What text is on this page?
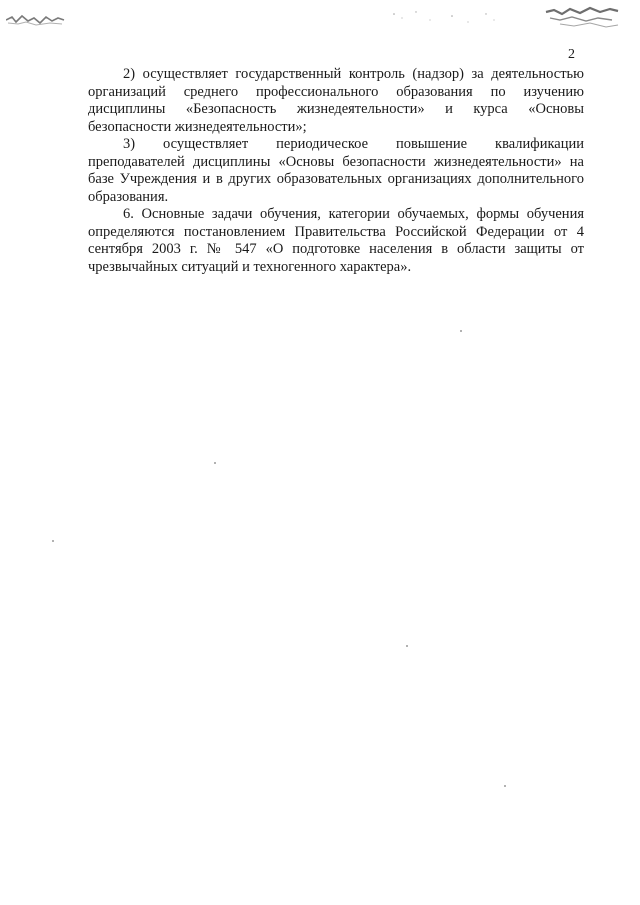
2

2) осуществляет государственный контроль (надзор) за деятельностью организаций среднего профессионального образования по изучению дисциплины «Безопасность жизнедеятельности» и курса «Основы безопасности жизнедеятельности»;

3) осуществляет периодическое повышение квалификации преподавателей дисциплины «Основы безопасности жизнедеятельности» на базе Учреждения и в других образовательных организациях дополнительного образования.

6. Основные задачи обучения, категории обучаемых, формы обучения определяются постановлением Правительства Российской Федерации от 4 сентября 2003 г. № 547 «О подготовке населения в области защиты от чрезвычайных ситуаций и техногенного характера».
